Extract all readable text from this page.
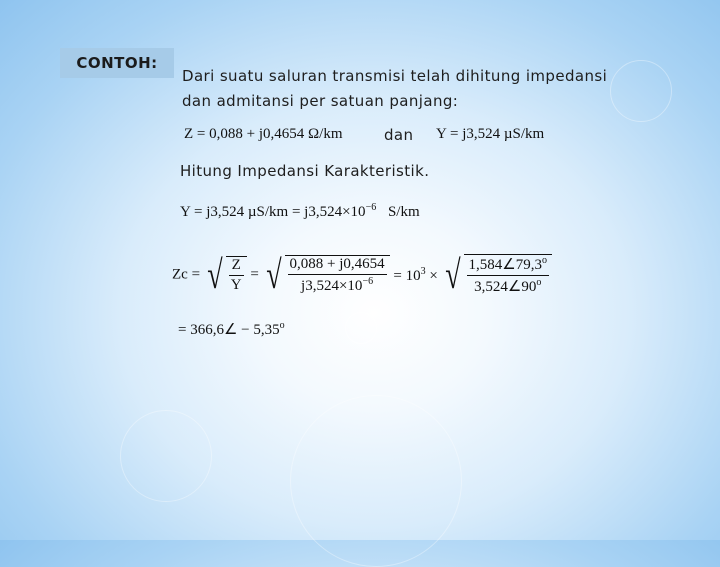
CONTOH:
Dari suatu saluran transmisi telah dihitung impedansi
dan admitansi per satuan panjang:
Z = 0,088 + j0,4654 Ω/km	dan Y = j3,524 µS/km
Hitung Impedansi Karakteristik.
Y = j3,524 $\mu S/km = j3,524\times 10^{-6}$ S/km
Zc = √ $\frac{Z}{Y}$ = √ $\frac{0,088 + j0,4654}{j3,524\times 10^{-6}} = 10^3$ × √ $\frac{1,584\angle 79,3^o}{3,524\angle 90^o}$
= 366,6∠ − $5,35^o$
